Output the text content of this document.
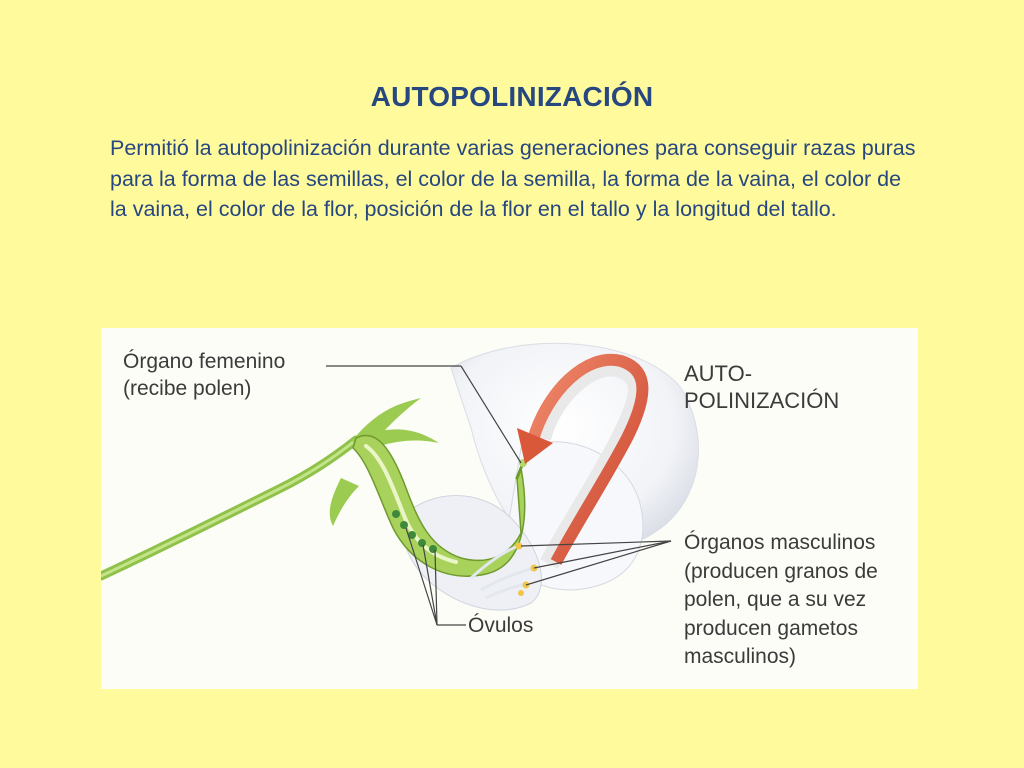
AUTOPOLINIZACIÓN

Permitió la autopolinización durante varias generaciones para conseguir razas puras para la forma de las semillas, el color de la semilla, la forma de la vaina, el color de la vaina, el color de la flor, posición de la flor en el tallo y la longitud del tallo.

Órgano femenino
(recibe polen)
AUTO-
POLINIZACIÓN
Órganos masculinos
(producen granos de
polen, que a su vez
producen gametos
masculinos)
Óvulos
